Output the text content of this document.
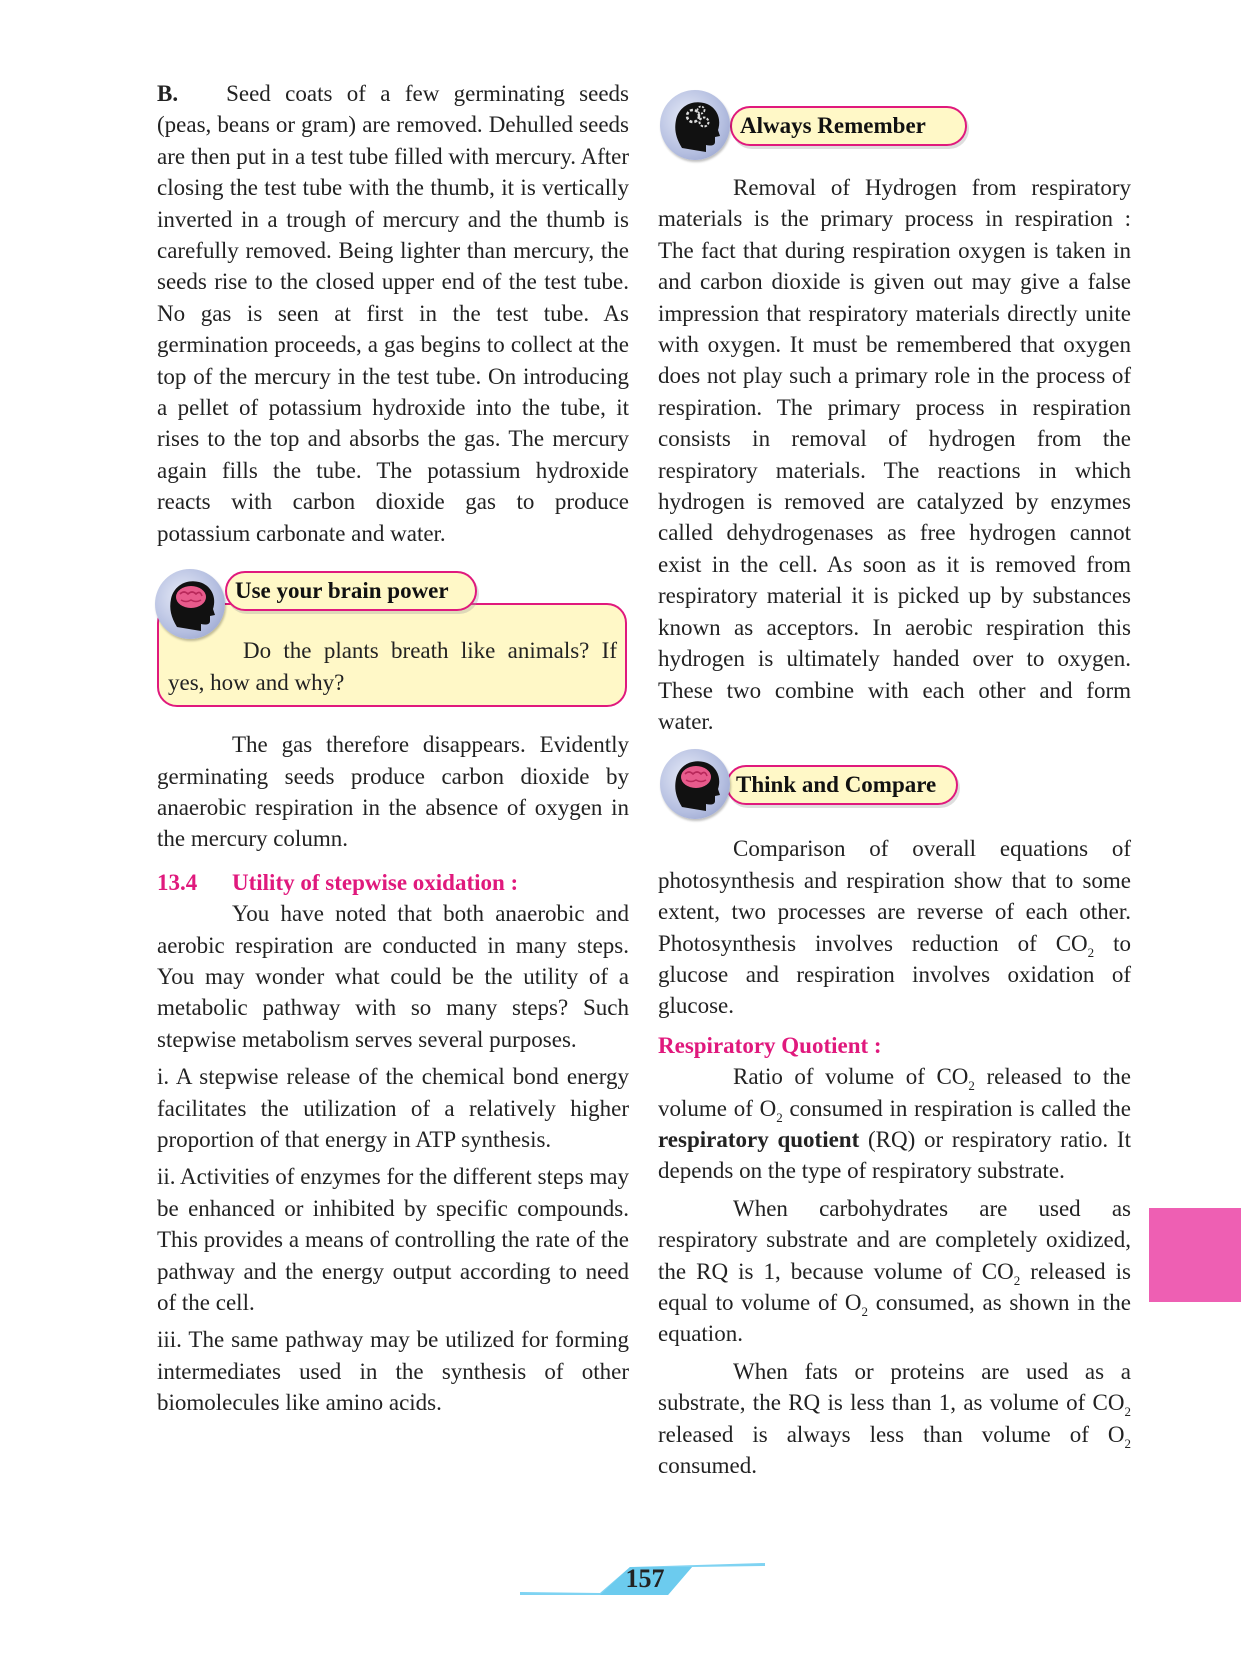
B. Seed coats of a few germinating seeds (peas, beans or gram) are removed. Dehulled seeds are then put in a test tube filled with mercury. After closing the test tube with the thumb, it is vertically inverted in a trough of mercury and the thumb is carefully removed. Being lighter than mercury, the seeds rise to the closed upper end of the test tube. No gas is seen at first in the test tube. As germination proceeds, a gas begins to collect at the top of the mercury in the test tube. On introducing a pellet of potassium hydroxide into the tube, it rises to the top and absorbs the gas. The mercury again fills the tube. The potassium hydroxide reacts with carbon dioxide gas to produce potassium carbonate and water.

Do the plants breath like animals? If yes, how and why?

Use your brain power

The gas therefore disappears. Evidently germinating seeds produce carbon dioxide by anaerobic respiration in the absence of oxygen in the mercury column.

13.4 Utility of stepwise oxidation :

You have noted that both anaerobic and aerobic respiration are conducted in many steps. You may wonder what could be the utility of a metabolic pathway with so many steps? Such stepwise metabolism serves several purposes.

i. A stepwise release of the chemical bond energy facilitates the utilization of a relatively higher proportion of that energy in ATP synthesis.

ii. Activities of enzymes for the different steps may be enhanced or inhibited by specific compounds. This provides a means of controlling the rate of the pathway and the energy output according to need of the cell.

iii. The same pathway may be utilized for forming intermediates used in the synthesis of other biomolecules like amino acids.

Always Remember

Removal of Hydrogen from respiratory materials is the primary process in respiration : The fact that during respiration oxygen is taken in and carbon dioxide is given out may give a false impression that respiratory materials directly unite with oxygen. It must be remembered that oxygen does not play such a primary role in the process of respiration. The primary process in respiration consists in removal of hydrogen from the respiratory materials. The reactions in which hydrogen is removed are catalyzed by enzymes called dehydrogenases as free hydrogen cannot exist in the cell. As soon as it is removed from respiratory material it is picked up by substances known as acceptors. In aerobic respiration this hydrogen is ultimately handed over to oxygen. These two combine with each other and form water.

Think and Compare

Comparison of overall equations of photosynthesis and respiration show that to some extent, two processes are reverse of each other. Photosynthesis involves reduction of $CO_2$ to glucose and respiration involves oxidation of glucose.

Respiratory Quotient :

Ratio of volume of $CO_2$ released to the volume of $O_2$ consumed in respiration is called the respiratory quotient (RQ) or respiratory ratio. It depends on the type of respiratory substrate.

When carbohydrates are used as respiratory substrate and are completely oxidized, the RQ is 1, because volume of $CO_2$ released is equal to volume of $O_2$ consumed, as shown in the equation.

When fats or proteins are used as a substrate, the RQ is less than 1, as volume of $CO_2$ released is always less than volume of $O_2$ consumed.

157
